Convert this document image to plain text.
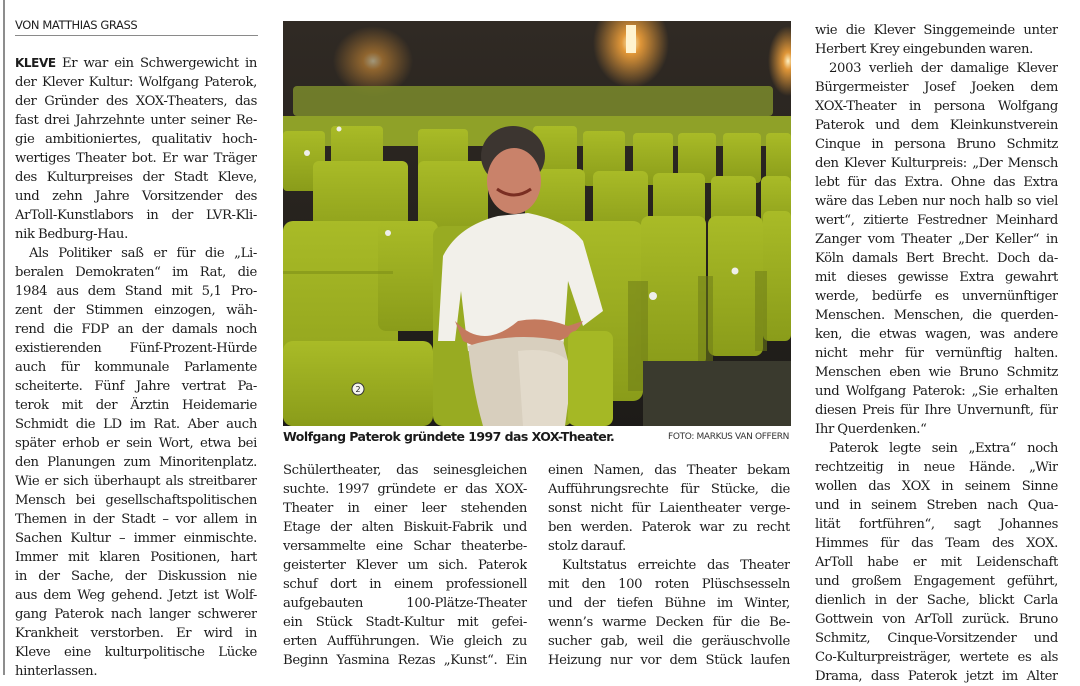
VON MATTHIAS GRASS
KLEVE Er war ein Schwergewicht in
der Klever Kultur: Wolfgang Paterok,
der Gründer des XOX-Theaters, das
fast drei Jahrzehnte unter seiner Re-
gie ambitioniertes, qualitativ hoch-
wertiges Theater bot. Er war Träger
des Kulturpreises der Stadt Kleve,
und zehn Jahre Vorsitzender des
ArToll-Kunstlabors in der LVR-Kli-
nik Bedburg-Hau.
Als Politiker saß er für die „Li-
beralen Demokraten“ im Rat, die
1984 aus dem Stand mit 5,1 Pro-
zent der Stimmen einzogen, wäh-
rend die FDP an der damals noch
existierenden Fünf-Prozent-Hürde
auch für kommunale Parlamente
scheiterte. Fünf Jahre vertrat Pa-
terok mit der Ärztin Heidemarie
Schmidt die LD im Rat. Aber auch
später erhob er sein Wort, etwa bei
den Planungen zum Minoritenplatz.
Wie er sich überhaupt als streitbarer
Mensch bei gesellschaftspolitischen
Themen in der Stadt – vor allem in
Sachen Kultur – immer einmischte.
Immer mit klaren Positionen, hart
in der Sache, der Diskussion nie
aus dem Weg gehend. Jetzt ist Wolf-
gang Paterok nach langer schwerer
Krankheit verstorben. Er wird in
Kleve eine kulturpolitische Lücke
hinterlassen.
2
Wolfgang Paterok gründete 1997 das XOX-Theater.	FOTO: MARKUS VAN OFFERN
Schülertheater, das seinesgleichen
suchte. 1997 gründete er das XOX-
Theater in einer leer stehenden
Etage der alten Biskuit-Fabrik und
versammelte eine Schar theaterbe-
geisterter Klever um sich. Paterok
schuf dort in einem professionell
aufgebauten 100-Plätze-Theater
ein Stück Stadt-Kultur mit gefei-
erten Aufführungen. Wie gleich zu
Beginn Yasmina Rezas „Kunst“. Ein
einen Namen, das Theater bekam
Aufführungsrechte für Stücke, die
sonst nicht für Laientheater verge-
ben werden. Paterok war zu recht
stolz darauf.
Kultstatus erreichte das Theater
mit den 100 roten Plüschsesseln
und der tiefen Bühne im Winter,
wenn’s warme Decken für die Be-
sucher gab, weil die geräuschvolle
Heizung nur vor dem Stück laufen
wie die Klever Singgemeinde unter
Herbert Krey eingebunden waren.
2003 verlieh der damalige Klever
Bürgermeister Josef Joeken dem
XOX-Theater in persona Wolfgang
Paterok und dem Kleinkunstverein
Cinque in persona Bruno Schmitz
den Klever Kulturpreis: „Der Mensch
lebt für das Extra. Ohne das Extra
wäre das Leben nur noch halb so viel
wert“, zitierte Festredner Meinhard
Zanger vom Theater „Der Keller“ in
Köln damals Bert Brecht. Doch da-
mit dieses gewisse Extra gewahrt
werde, bedürfe es unvernünftiger
Menschen. Menschen, die querden-
ken, die etwas wagen, was andere
nicht mehr für vernünftig halten.
Menschen eben wie Bruno Schmitz
und Wolfgang Paterok: „Sie erhalten
diesen Preis für Ihre Unvernunft, für
Ihr Querdenken.“
Paterok legte sein „Extra“ noch
rechtzeitig in neue Hände. „Wir
wollen das XOX in seinem Sinne
und in seinem Streben nach Qua-
lität fortführen“, sagt Johannes
Himmes für das Team des XOX.
ArToll habe er mit Leidenschaft
und großem Engagement geführt,
dienlich in der Sache, blickt Carla
Gottwein von ArToll zurück. Bruno
Schmitz, Cinque-Vorsitzender und
Co-Kulturpreisträger, wertete es als
Drama, dass Paterok jetzt im Alter
